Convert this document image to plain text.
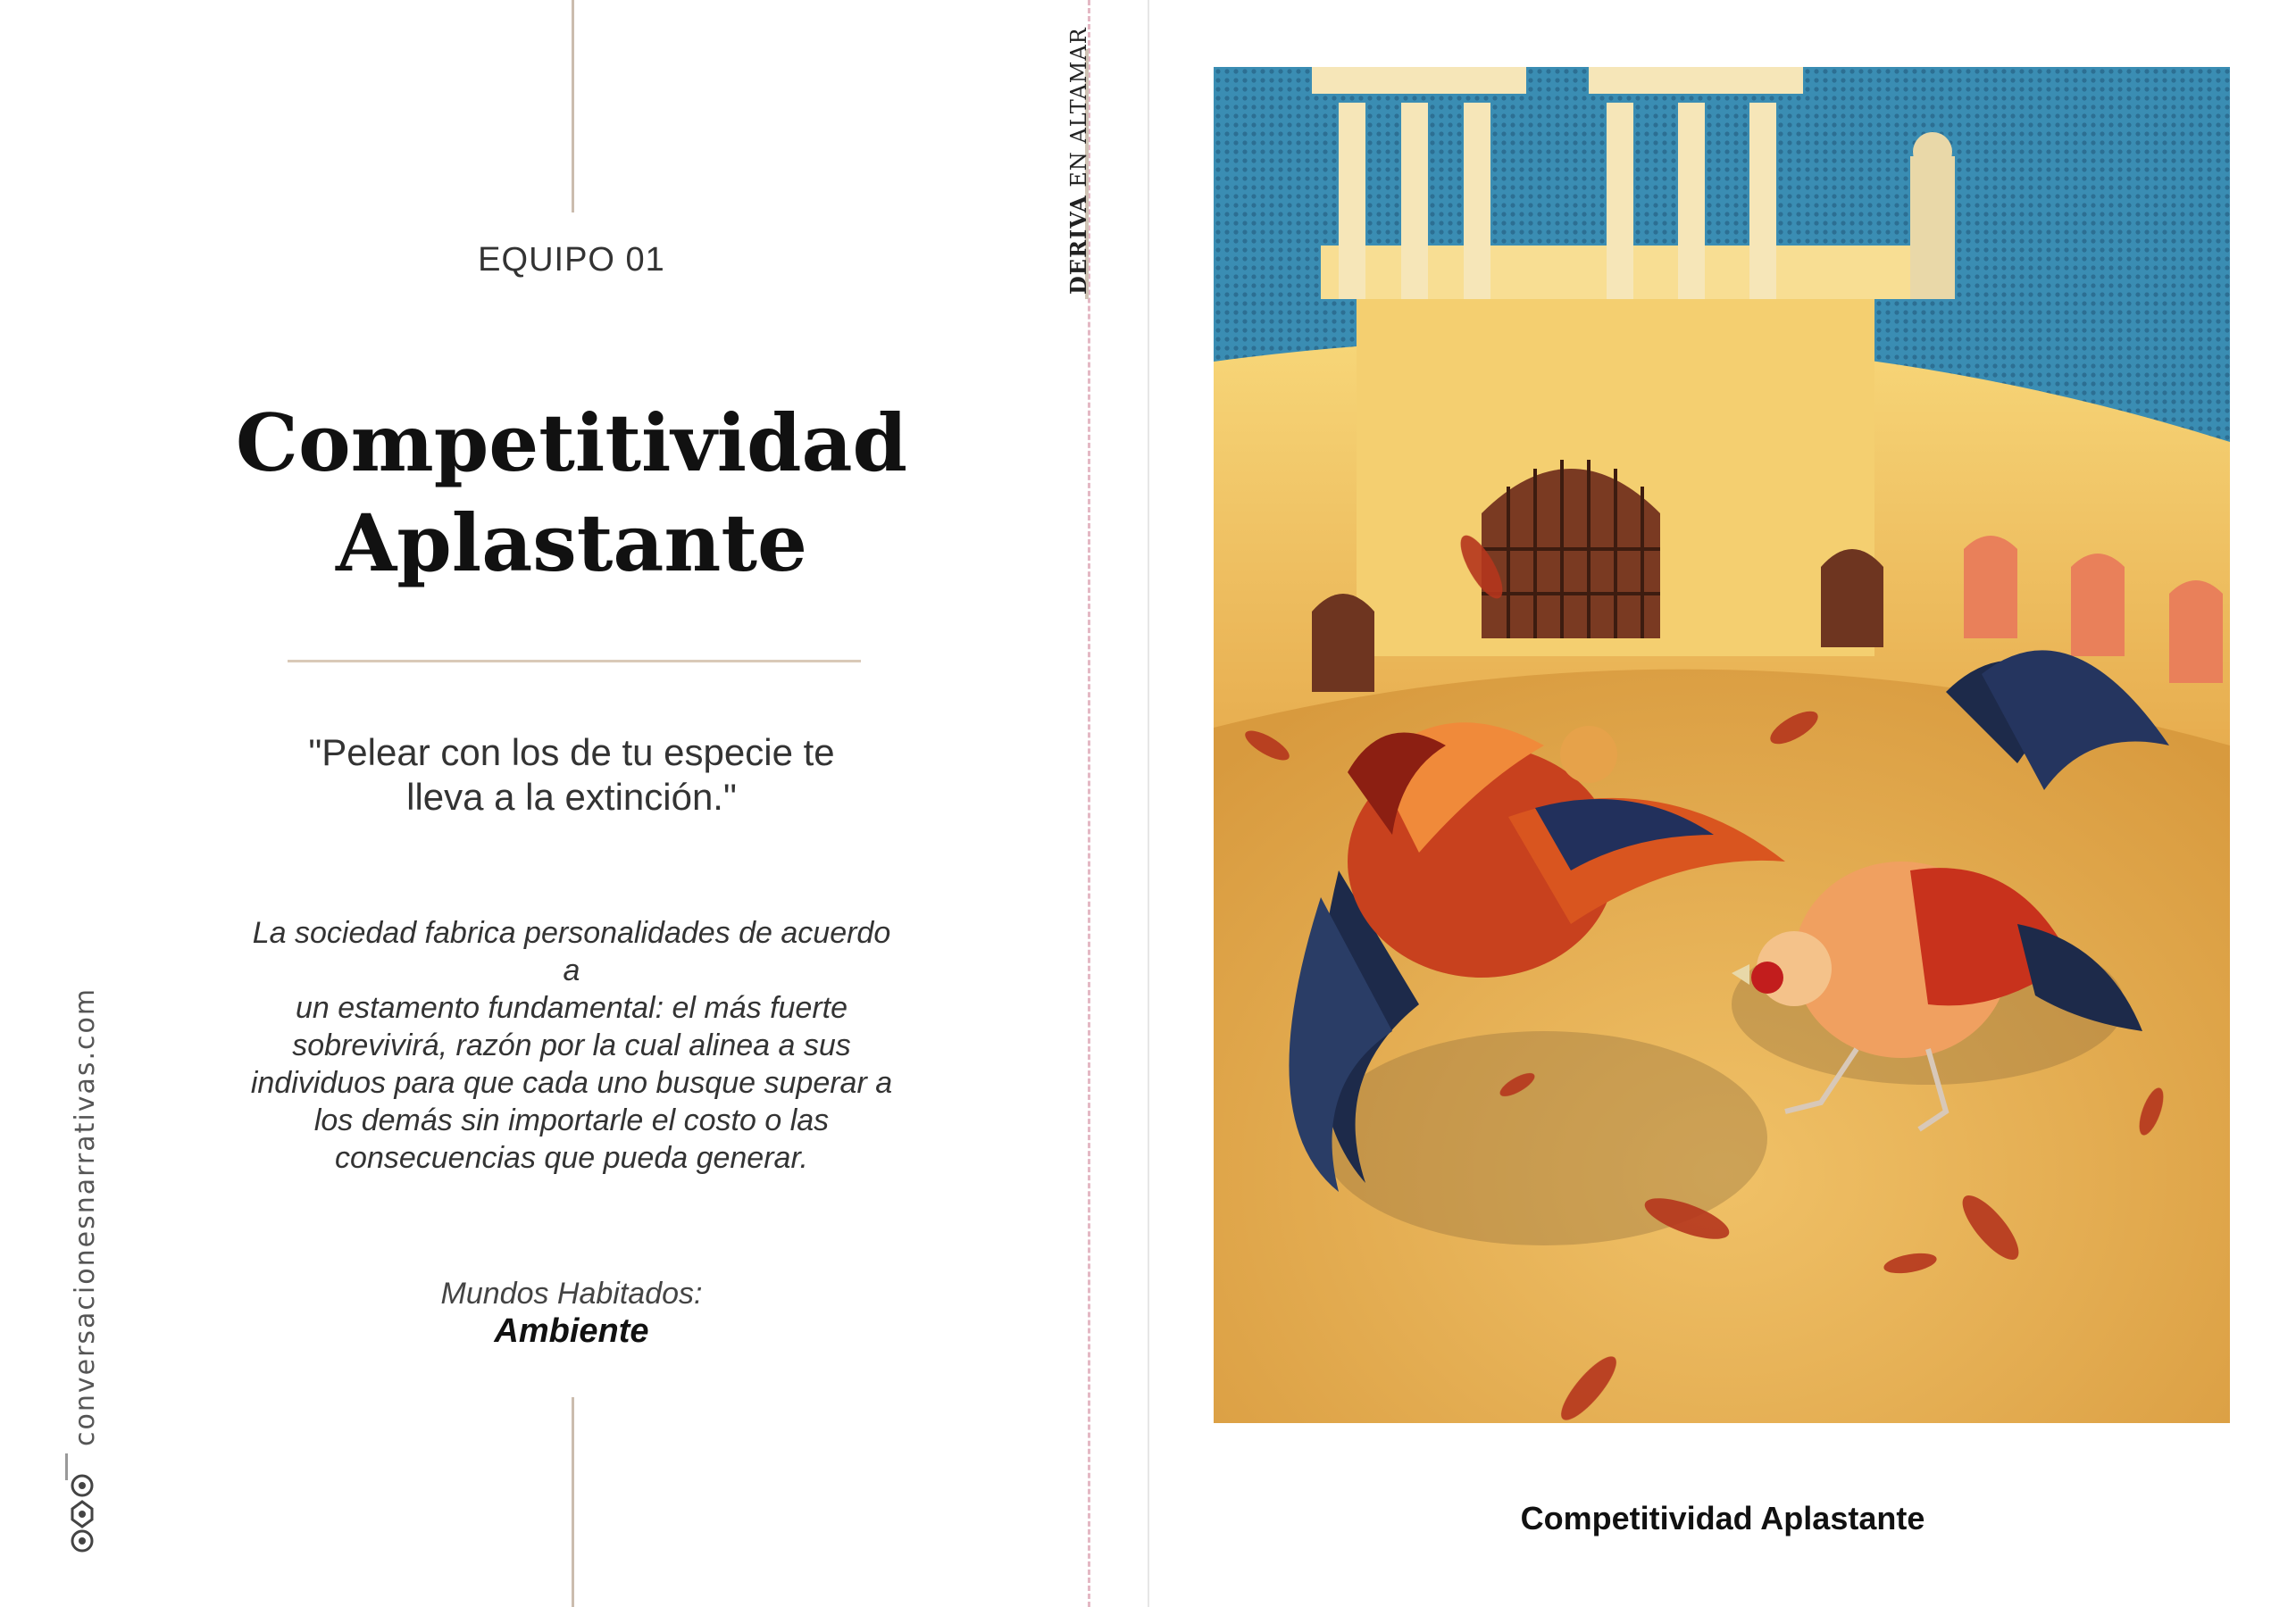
EQUIPO 01
Competitividad
Aplastante
"Pelear con los de tu especie te
lleva a la extinción."
La sociedad fabrica personalidades de acuerdo a
un estamento fundamental: el más fuerte
sobrevivirá, razón por la cual alinea a sus
individuos para que cada uno busque superar a
los demás sin importarle el costo o las
consecuencias que pueda generar.
Mundos Habitados:
Ambiente
conversacionesnarrativas.com
DERIVA EN ALTAMAR
Competitividad Aplastante
